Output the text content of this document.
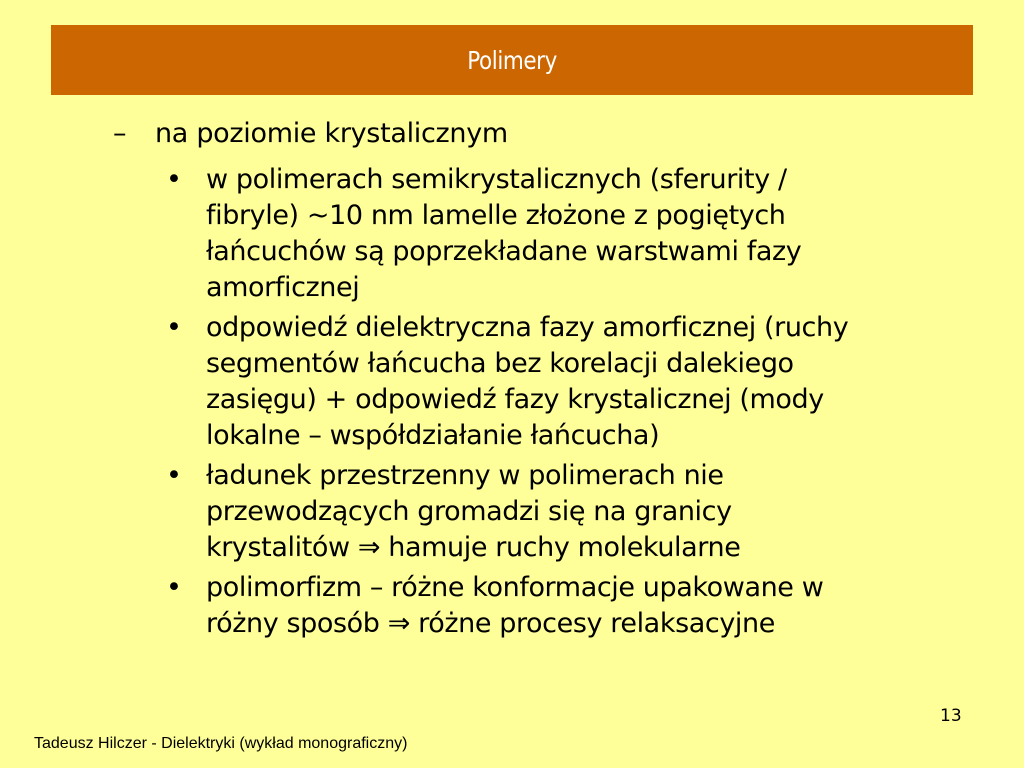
Polimery
– na poziomie krystalicznym
• w polimerach semikrystalicznych (sferurity /
fibryle) ~10 nm lamelle złożone z pogiętych
łańcuchów są poprzekładane warstwami fazy
amorficznej
• odpowiedź dielektryczna fazy amorficznej (ruchy
segmentów łańcucha bez korelacji dalekiego
zasięgu) + odpowiedź fazy krystalicznej (mody
lokalne – współdziałanie łańcucha)
• ładunek przestrzenny w polimerach nie
przewodzących gromadzi się na granicy
krystalitów ⇒ hamuje ruchy molekularne
• polimorfizm – różne konformacje upakowane w
różny sposób ⇒ różne procesy relaksacyjne
13
Tadeusz Hilczer - Dielektryki (wykład monograficzny)
